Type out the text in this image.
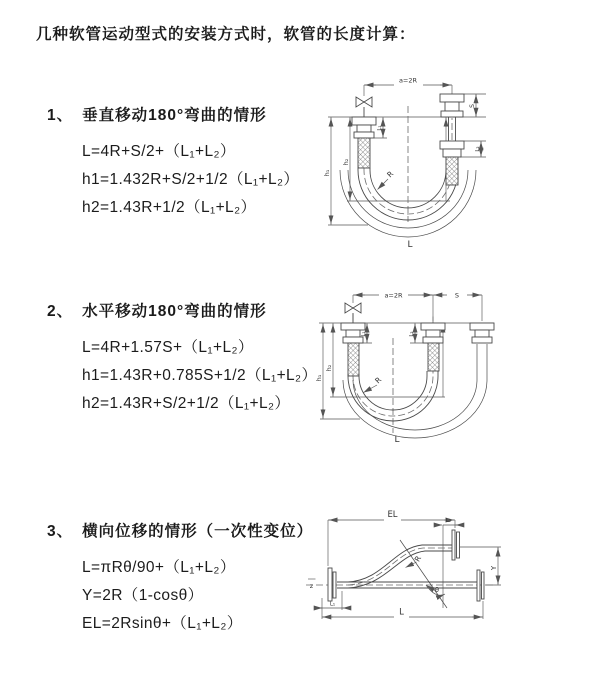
几种软管运动型式的安装方式时，软管的长度计算：
1、 垂直移动180°弯曲的情形
L=4R+S/2+（L₁+L₂）
h1=1.432R+S/2+1/2（L₁+L₂）
h2=1.43R+1/2（L₁+L₂）
2、 水平移动180°弯曲的情形
L=4R+1.57S+（L₁+L₂）
h1=1.43R+0.785S+1/2（L₁+L₂）
h2=1.43R+S/2+1/2（L₁+L₂）
3、 横向位移的情形（一次性变位）
L=πRθ/90+（L₁+L₂）
Y=2R（1-cosθ）
EL=2Rsinθ+（L₁+L₂）
a=2R
h₁
h₂
L₁
S
L₂
R
L
a=2R	S
h₁
h₂
L₁	L₂
R
L
EL
L₂
Y
R
θ
L
L₁
z
